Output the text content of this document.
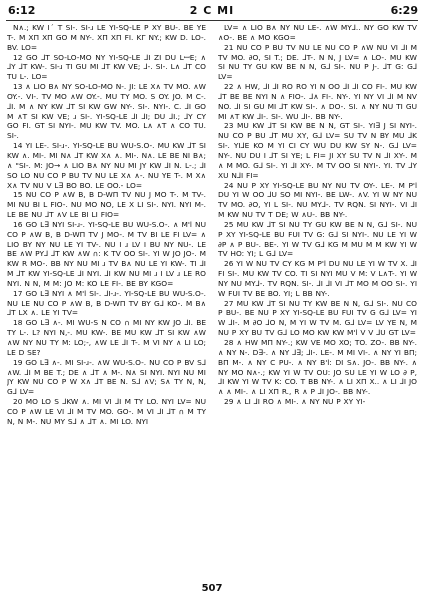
6:12	2 C MI	6:29

N∧.; KW Iˊ T SI-. SI-ɹ LE YI-SQ-LE P XY BU-. BE YE T-. M XΠ XΠ GO M NY-. XΠ XΠ FI. KΓ NY.; KW D. LO-. BV. LO=

12 GO ⅃T SO-LO-MO NY YI-SQ-LE ⅃I ZI DU LꟷE; ∧ ⅃Y ⅃T KW-. SI-ɹ TI GU MI ⅃T KW VE; ⅃-. SI-. L∧ ⅃T CO TU L-. LO=

13 ∧ LIO B∧ NY SO-LO-MO N-. JI: LE X∧ TV MO. ∧W OY.-. VI-. TV MO ∧W OY.-. MU TY MO. S OY. JO. M C-. ⅃I. M ∧ NY KW ⅃T SI KW GW NY-. SI-. NYI-. C. ⅃I GO M ∧T SI KW VE; ɹ SI-. YI-SQ-LE ⅃I ⅃I; DU ⅃I.; ⅃Y CY GO FI. GT SI NYI-. MU KW TV. MO. L∧ ∧T ∧ CO TU. SI-.

14 YI LE-. SI-ɹ-. YI-SQ-LE BU WU-S.O-. MU KW ⅃T SI KW ∧. MI-. MI N∧ ⅃T KW X∧ ∧. MI-. N∧. LE BE NI B∧; ∧ "SI-. M: JO→ ∧ LIO B∧ NY NU MI JY KW ⅃I N. L-.; ⅃I SO LO NU CO P BU TV NU LE X∧ ∧-. NU YE T-. M X∧ X∧ TV NU V L∃ BO BO. LE OO.- LO=

15 NU CO P ∧W B, B D-WΠ TV NU J MO T-. M TV-. MI NU BI L FIO-. NU MO NO, LE X LI SI-. NYI. NYI M-. LE BE NU ⅃T ∧V LE BI LI FIO=

16 GO L∃ NYI SI-ɹ-. YI-SQ-LE BU WU-S.O-. ∧ M'l NU CO P ∧W B, B D-WΠ TV J MO-. M TV BI LE FI LV= ∧ LIO BY NY NU LE YI TV-. NU I ɹ LV I BU NY NU-. LE BE ∧W PY⅃ ⅃T KW ∧W ∩: K TV OO SI-. YI W JO JO-. M KW R MO-. BB NY NU MI ɹ TV B∧ NU LE YI KW-. TI ⅃I M ⅃T KW YI-SQ-LE ⅃I NYI. ⅃I KW NU MI ɹ I LV ɹ LE RO NYI. N N, M M: JO M: KO LE FI-. BE BY KGO=

17 GO L∃ NYI ∧ M'l SI-. ⅃I-ɹ-. YI-SQ-LE BU WU-S.O-. NU LE NU CO P ∧W B, B D-WΠ TV BY G⅃ KO-. M B∧ ⅃T LX ∧. LE YI TV=

18 GO L∃ ∧-. MI WU-S N CO ∩ MI NY KW JO ⅃I. BE TY L-. L? NYI N,-. MU KW-. BE MU KW ⅃T SI KW ∧W ∧W NY NU TY M: LO;-, ∧W LE ⅃I T-. M VI NY ∧ LI LO; LE D SE?

19 GO L∃ ∧-. MI SI-ɹ-. ∧W WU-S.O-. NU CO P BV S⅃ ∧W. ⅃I M BE T.; DE ∧ ⅃T ∧ M-. N∧ SI NYI. NYI NU MI JY KW NU CO P W X∧ ⅃T BE N. S⅃ ∧V; S∧ TY N, N, G⅃ LV=

20 MO LO S ⅃KW ∧. MI VI ⅃I M TY LO. NYI LV= NU CO P ∧W LE VI ⅃I M TV MO. GO-. M VI ⅃I ⅃T ∩ M TY N, N M-. NU MY S⅃ ∧ ⅃T ∧. MI LO. NYI

LV= ∧ LIO B∧ NY NU LE-. ∧W MY⅃.. NY GO KW TV ∧O-. BE ∧ MO KGO=

21 NU CO P BU TV NU LE NU CO P ∧W NU VI ⅃I M TV MO. ∂O, SI T.; DE. ⅃T-. N N, J LV= ∧ LO-. MU KW SI NU TY GU KW BE N N, G⅃ SI-. NU P J-. ⅃T G: G⅃ LV=

22 ∧ HW, ⅃I ⅃I RO RO YI N OO ⅃I ⅃I CO FI-. MU KW ⅃T BE BE NYI N ∧ FIO-. ⅃∧ FI-. NY-. YI NY VI ⅃I M NV NO. ⅃I SI GU MI ⅃T KW SI-. ∧ DO-. SI. ∧ NY NU TI GU MI ∧T KW ⅃I-. SI-. WU ⅃I-. BB NY-.

23 MU KW ⅃T SI KW BE N N, GT SI-. YI∃ J SI NYI-. NU CO P BU ⅃T MU XY, G⅃ LV= SU TV N BY MU ⅃K SI-. YI⅃E KO M YI CI CY WU DU KW SY N-. G⅃ LV= NY-. NU DU I ⅃T SI YE; L FI= JI XY SU TV N ⅃I XY-. M ∧ M MO. G⅃ SI-. YI ⅃I XY-. M TV OO SI NYI-. YI. TV ⅃Y XU N⅃I FI=

24 NU P XY YI-SQ-LE BU NY NU TV OY-. LE-. M P'l DU YI W OO ⅃U SO MI NYI-. BE LW-. ∧V. YI W NY NU TV MO. ∂O, YI L SI-. NU MY⅃-. TV RQN. SI NYI-. VI ⅃I M KW NU TV T DE; W ∧U-. BB NY-.

25 MU KW ⅃T SI NU TY GU KW BE N N, G⅃ SI-. NU P XY YI-SQ-LE BU FUI TV G: G⅃ SI NYI-. NU LE YI W ∂P ∧ P BU-. BE-. YI W TV G⅃ KG M MU M M KW YI W TV HO: YI; L G⅃ LV=

26 YI W NU TV CY KG M P'l DU NU LE YI W TV X. ⅃I FI SI-. MU KW TV CO. TI SI NYI MU V M: V L∧T-. YI W NY NU MY⅃-. TV RQN. SI-. ⅃I ⅃I VI ⅃T MO M OO SI-. YI W FUI TV BE BO. YI; L BB NY-.

27 MU KW ⅃T SI NU TY KW BE N N, G⅃ SI-. NU CO P BU-. BE NU P XY YI-SQ-LE BU FUI TV G G⅃ LV= YI W ⅃I-. M ∂O ⅃O N, M YI W TV M. G⅃ LV= LV YE N, M NU P XY BU TV G⅃ LO MO KW KW M'l V V ⅃U GT LV=

28 ∧ HW MΠ NY-.; KW VE MO XO; TO. ZO-. BB NY-. ∧ NY N-. D∃-. ∧ NY ⅃∃; ⅃I-. LE-. M MI VI-. ∧ NY YI BΠ; BΠ M-. ∧ NY C PU-. ∧ NY B'l: DI S∧. JO-. BB NY-. ∧ NY MO N∧-.; KW YI W TV OU: JO SU LE YI W LO ∂ P, ⅃I KW YI W TV K: CO. T BB NY-. ∧ LI XΠ X.. ∧ LI ⅃I JO ∧ ∧ MI-. ∧ LI XΠ R., R ∧ P ⅃I JO-. BB NY-.

29 ∧ LI ⅃I RO ∧ MI-. ∧ NY NU P XY YI-

507
